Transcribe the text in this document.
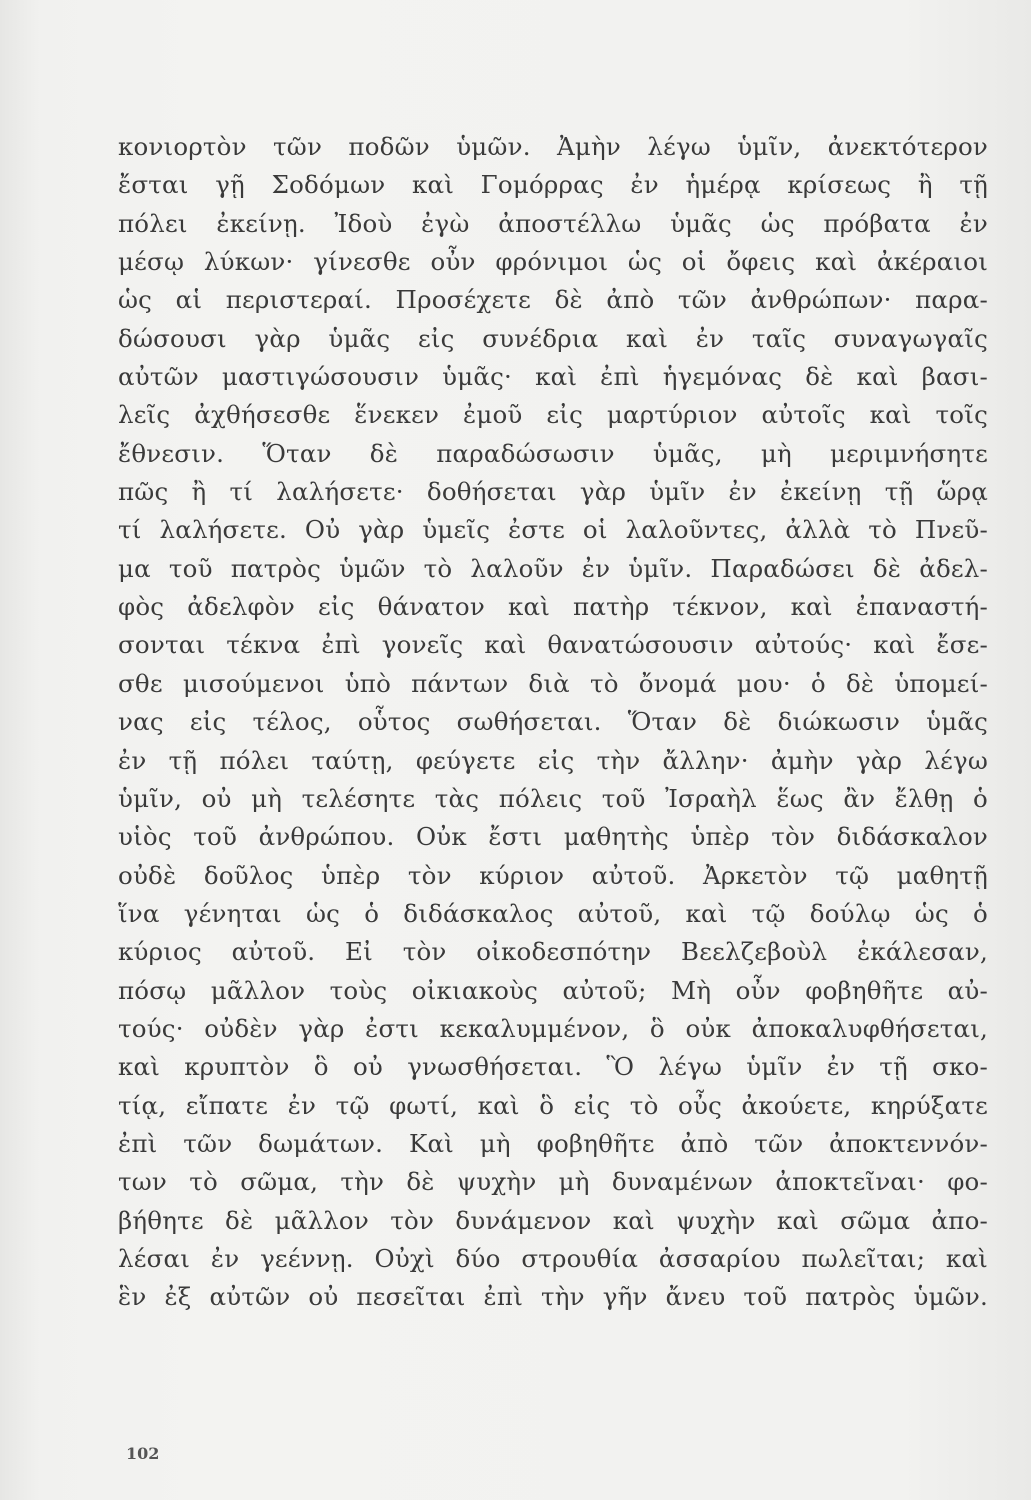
κονιορτὸν τῶν ποδῶν ὑμῶν. Ἀμὴν λέγω ὑμῖν, ἀνεκτότερον
ἔσται γῇ Σοδόμων καὶ Γομόρρας ἐν ἡμέρᾳ κρίσεως ἢ τῇ
πόλει ἐκείνῃ. Ἰδοὺ ἐγὼ ἀποστέλλω ὑμᾶς ὡς πρόβατα ἐν
μέσῳ λύκων· γίνεσθε οὖν φρόνιμοι ὡς οἱ ὄφεις καὶ ἀκέραιοι
ὡς αἱ περιστεραί. Προσέχετε δὲ ἀπὸ τῶν ἀνθρώπων· παρα-
δώσουσι γὰρ ὑμᾶς εἰς συνέδρια καὶ ἐν ταῖς συναγωγαῖς
αὐτῶν μαστιγώσουσιν ὑμᾶς· καὶ ἐπὶ ἡγεμόνας δὲ καὶ βασι-
λεῖς ἀχθήσεσθε ἕνεκεν ἐμοῦ εἰς μαρτύριον αὐτοῖς καὶ τοῖς
ἔθνεσιν. Ὅταν δὲ παραδώσωσιν ὑμᾶς, μὴ μεριμνήσητε
πῶς ἢ τί λαλήσετε· δοθήσεται γὰρ ὑμῖν ἐν ἐκείνῃ τῇ ὥρᾳ
τί λαλήσετε. Οὐ γὰρ ὑμεῖς ἐστε οἱ λαλοῦντες, ἀλλὰ τὸ Πνεῦ-
μα τοῦ πατρὸς ὑμῶν τὸ λαλοῦν ἐν ὑμῖν. Παραδώσει δὲ ἀδελ-
φὸς ἀδελφὸν εἰς θάνατον καὶ πατὴρ τέκνον, καὶ ἐπαναστή-
σονται τέκνα ἐπὶ γονεῖς καὶ θανατώσουσιν αὐτούς· καὶ ἔσε-
σθε μισούμενοι ὑπὸ πάντων διὰ τὸ ὄνομά μου· ὁ δὲ ὑπομεί-
νας εἰς τέλος, οὗτος σωθήσεται. Ὅταν δὲ διώκωσιν ὑμᾶς
ἐν τῇ πόλει ταύτῃ, φεύγετε εἰς τὴν ἄλλην· ἀμὴν γὰρ λέγω
ὑμῖν, οὐ μὴ τελέσητε τὰς πόλεις τοῦ Ἰσραὴλ ἕως ἂν ἔλθῃ ὁ
υἱὸς τοῦ ἀνθρώπου. Οὐκ ἔστι μαθητὴς ὑπὲρ τὸν διδάσκαλον
οὐδὲ δοῦλος ὑπὲρ τὸν κύριον αὐτοῦ. Ἀρκετὸν τῷ μαθητῇ
ἵνα γένηται ὡς ὁ διδάσκαλος αὐτοῦ, καὶ τῷ δούλῳ ὡς ὁ
κύριος αὐτοῦ. Εἰ τὸν οἰκοδεσπότην Βεελζεβοὺλ ἐκάλεσαν,
πόσῳ μᾶλλον τοὺς οἰκιακοὺς αὐτοῦ; Μὴ οὖν φοβηθῆτε αὐ-
τούς· οὐδὲν γὰρ ἐστι κεκαλυμμένον, ὃ οὐκ ἀποκαλυφθήσεται,
καὶ κρυπτὸν ὃ οὐ γνωσθήσεται. Ὃ λέγω ὑμῖν ἐν τῇ σκο-
τίᾳ, εἴπατε ἐν τῷ φωτί, καὶ ὃ εἰς τὸ οὖς ἀκούετε, κηρύξατε
ἐπὶ τῶν δωμάτων. Καὶ μὴ φοβηθῆτε ἀπὸ τῶν ἀποκτεννόν-
των τὸ σῶμα, τὴν δὲ ψυχὴν μὴ δυναμένων ἀποκτεῖναι· φο-
βήθητε δὲ μᾶλλον τὸν δυνάμενον καὶ ψυχὴν καὶ σῶμα ἀπο-
λέσαι ἐν γεέννῃ. Οὐχὶ δύο στρουθία ἀσσαρίου πωλεῖται; καὶ
ἓν ἐξ αὐτῶν οὐ πεσεῖται ἐπὶ τὴν γῆν ἄνευ τοῦ πατρὸς ὑμῶν.
102
